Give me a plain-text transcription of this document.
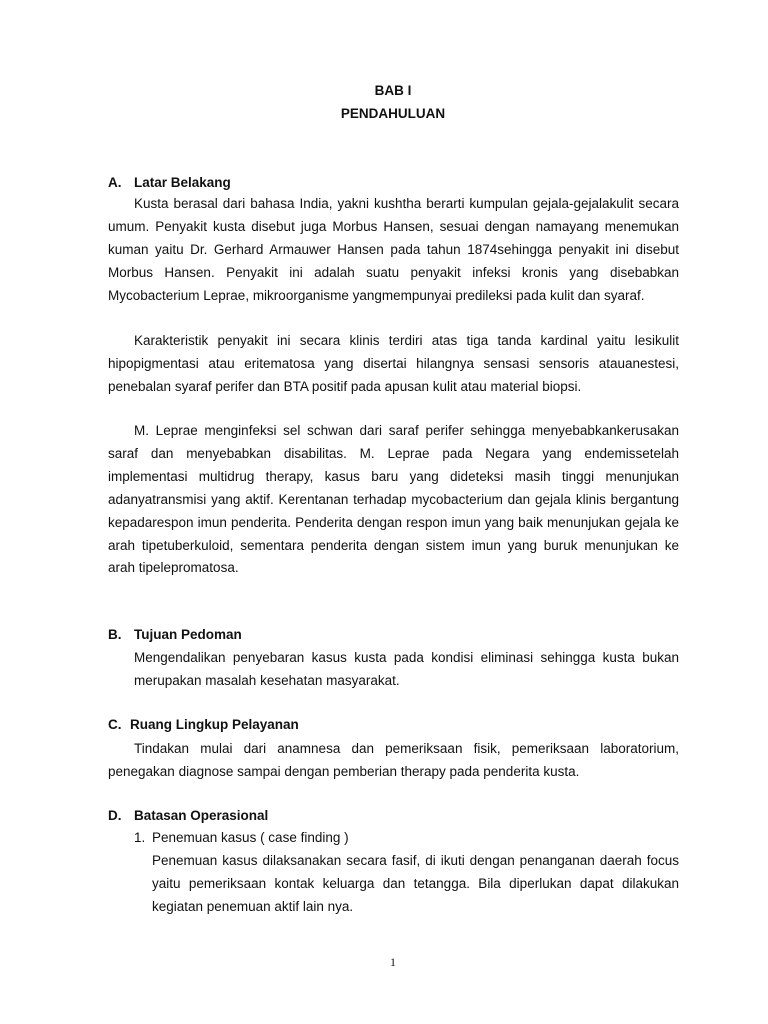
BAB I
PENDAHULUAN
A. Latar Belakang

Kusta berasal dari bahasa India, yakni kushtha berarti kumpulan gejala-gejalakulit secara umum. Penyakit kusta disebut juga Morbus Hansen, sesuai dengan namayang menemukan kuman yaitu Dr. Gerhard Armauwer Hansen pada tahun 1874sehingga penyakit ini disebut Morbus Hansen. Penyakit ini adalah suatu penyakit infeksi kronis yang disebabkan Mycobacterium Leprae, mikroorganisme yangmempunyai predileksi pada kulit dan syaraf.

Karakteristik penyakit ini secara klinis terdiri atas tiga tanda kardinal yaitu lesikulit hipopigmentasi atau eritematosa yang disertai hilangnya sensasi sensoris atauanestesi, penebalan syaraf perifer dan BTA positif pada apusan kulit atau material biopsi.

M. Leprae menginfeksi sel schwan dari saraf perifer sehingga menyebabkankerusakan saraf dan menyebabkan disabilitas. M. Leprae pada Negara yang endemissetelah implementasi multidrug therapy, kasus baru yang dideteksi masih tinggi menunjukan adanyatransmisi yang aktif. Kerentanan terhadap mycobacterium dan gejala klinis bergantung kepadarespon imun penderita. Penderita dengan respon imun yang baik menunjukan gejala ke arah tipetuberkuloid, sementara penderita dengan sistem imun yang buruk menunjukan ke arah tipelepromatosa.

B. Tujuan Pedoman

Mengendalikan penyebaran kasus kusta pada kondisi eliminasi sehingga kusta bukan merupakan masalah kesehatan masyarakat.

C. Ruang Lingkup Pelayanan

Tindakan mulai dari anamnesa dan pemeriksaan fisik, pemeriksaan laboratorium, penegakan diagnose sampai dengan pemberian therapy pada penderita kusta.

D. Batasan Operasional
1. Penemuan kasus ( case finding )

Penemuan kasus dilaksanakan secara fasif, di ikuti dengan penanganan daerah focus yaitu pemeriksaan kontak keluarga dan tetangga. Bila diperlukan dapat dilakukan kegiatan penemuan aktif lain nya.

1
